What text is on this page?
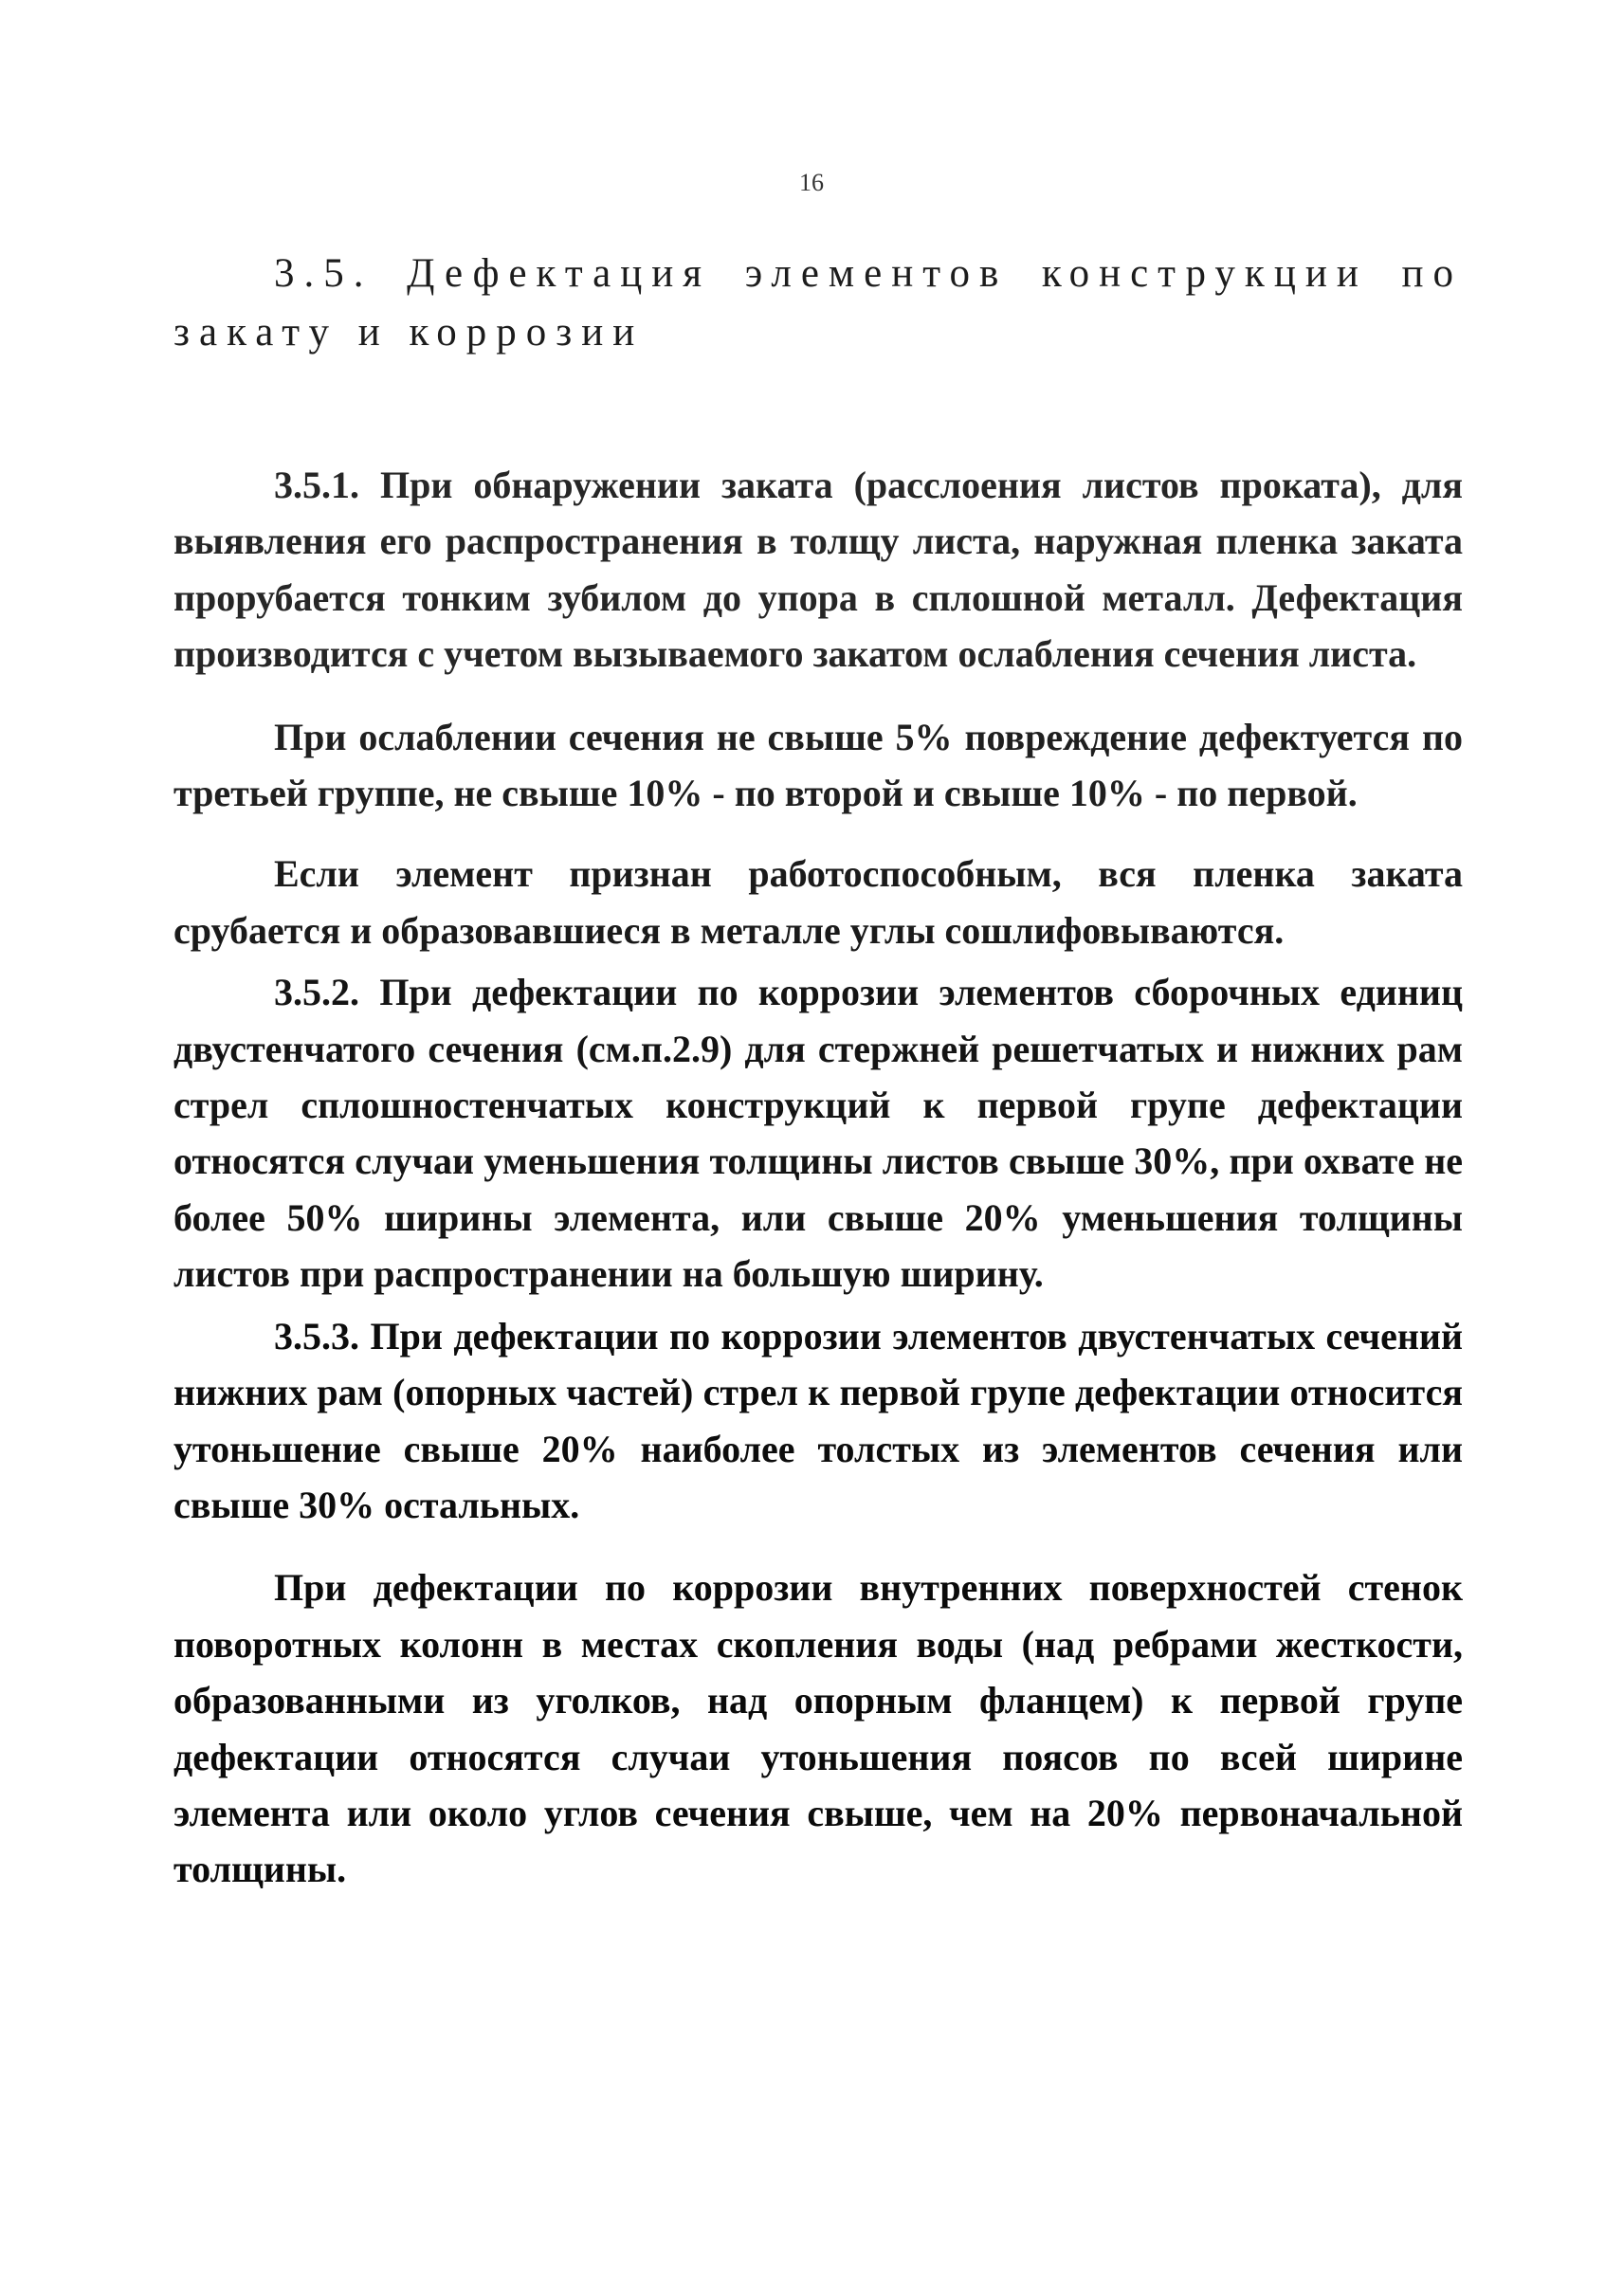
16
3.5. Дефектация элементов конструкции по закату и коррозии

3.5.1. При обнаружении заката (расслоения листов проката), для выявления его распространения в толщу листа, наружная пленка заката прорубается тонким зубилом до упора в сплошной металл. Дефектация производится с учетом вызываемого закатом ослабления сечения листа.

При ослаблении сечения не свыше 5% повреждение дефектуется по третьей группе, не свыше 10% - по второй и свыше 10% - по первой.

Если элемент признан работоспособным, вся пленка заката срубается и образовавшиеся в металле углы сошлифовываются.

3.5.2. При дефектации по коррозии элементов сборочных единиц двустенчатого сечения (см.п.2.9) для стержней решетчатых и нижних рам стрел сплошностенчатых конструкций к первой групе дефектации относятся случаи уменьшения толщины листов свыше 30%, при охвате не более 50% ширины элемента, или свыше 20% уменьшения толщины листов при распространении на большую ширину.

3.5.3. При дефектации по коррозии элементов двустенчатых сечений нижних рам (опорных частей) стрел к первой групе дефектации относится утоньшение свыше 20% наиболее толстых из элементов сечения или свыше 30% остальных.

При дефектации по коррозии внутренних поверхностей стенок поворотных колонн в местах скопления воды (над ребрами жесткости, образованными из уголков, над опорным фланцем) к первой групе дефектации относятся случаи утоньшения поясов по всей ширине элемента или около углов сечения свыше, чем на 20% первоначальной толщины.
